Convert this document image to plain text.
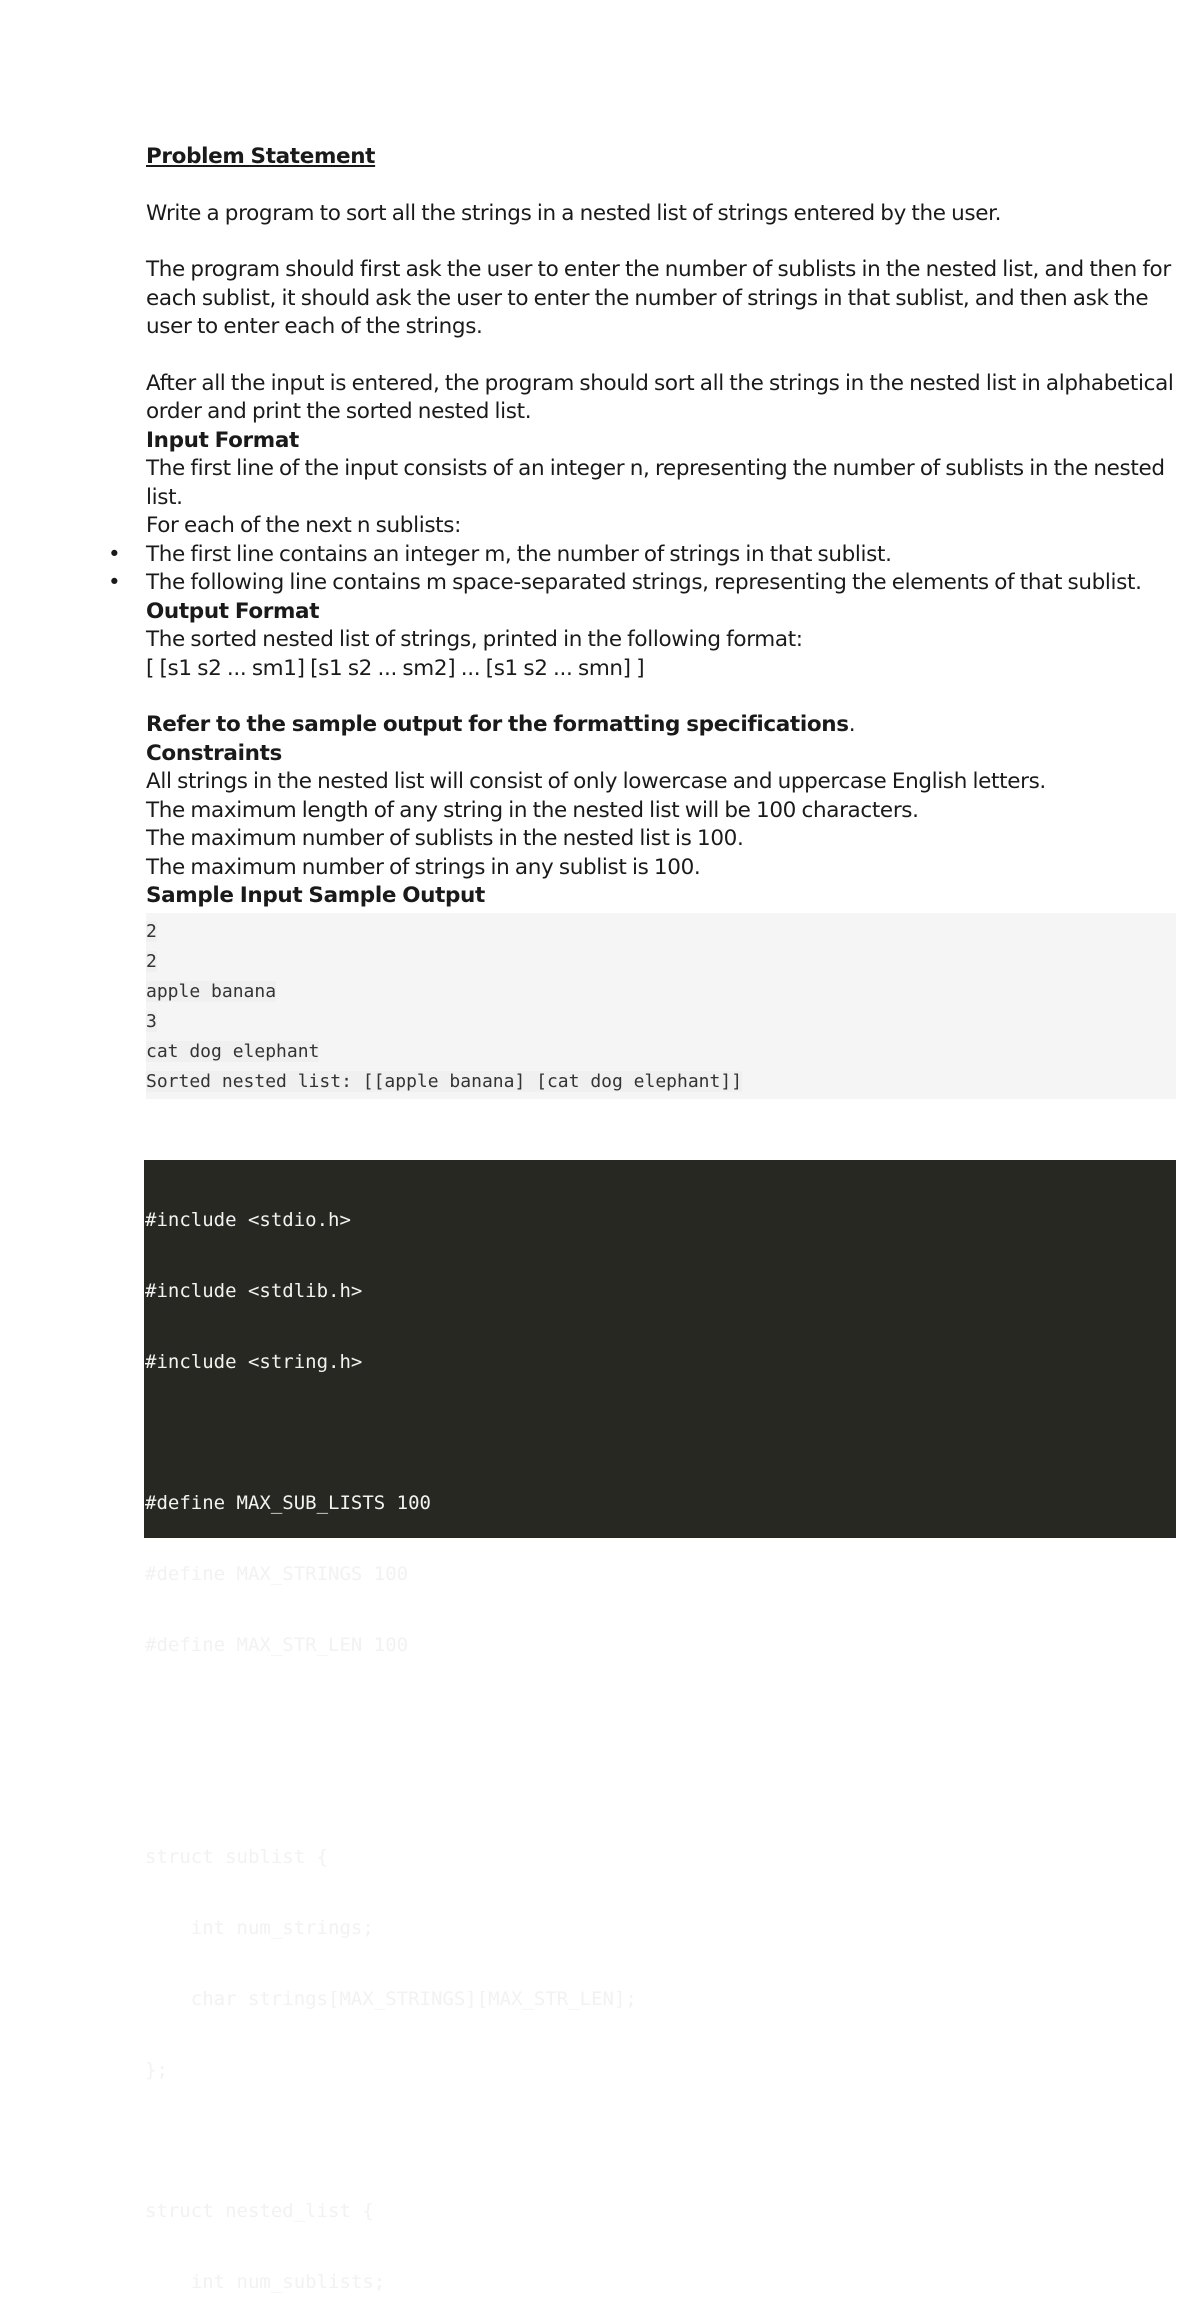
Problem Statement

Write a program to sort all the strings in a nested list of strings entered by the user.

The program should first ask the user to enter the number of sublists in the nested list, and then for each sublist, it should ask the user to enter the number of strings in that sublist, and then ask the user to enter each of the strings.

After all the input is entered, the program should sort all the strings in the nested list in alphabetical order and print the sorted nested list.

Input Format

The first line of the input consists of an integer n, representing the number of sublists in the nested list.

For each of the next n sublists:

• The first line contains an integer m, the number of strings in that sublist.
• The following line contains m space-separated strings, representing the elements of that sublist.

Output Format

The sorted nested list of strings, printed in the following format:

[ [s1 s2 ... sm1] [s1 s2 ... sm2] ... [s1 s2 ... smn] ]

Refer to the sample output for the formatting specifications.

Constraints

All strings in the nested list will consist of only lowercase and uppercase English letters.

The maximum length of any string in the nested list will be 100 characters.

The maximum number of sublists in the nested list is 100.

The maximum number of strings in any sublist is 100.

Sample Input Sample Output

2
2
apple banana
3
cat dog elephant
Sorted nested list: [[apple banana] [cat dog elephant]]

#include <stdio.h>

#include <stdlib.h>

#include <string.h>

#define MAX_SUB_LISTS 100

#define MAX_STRINGS 100

#define MAX_STR_LEN 100

struct sublist {

int num_strings;

char strings[MAX_STRINGS][MAX_STR_LEN];

};

struct nested_list {

int num_sublists;
